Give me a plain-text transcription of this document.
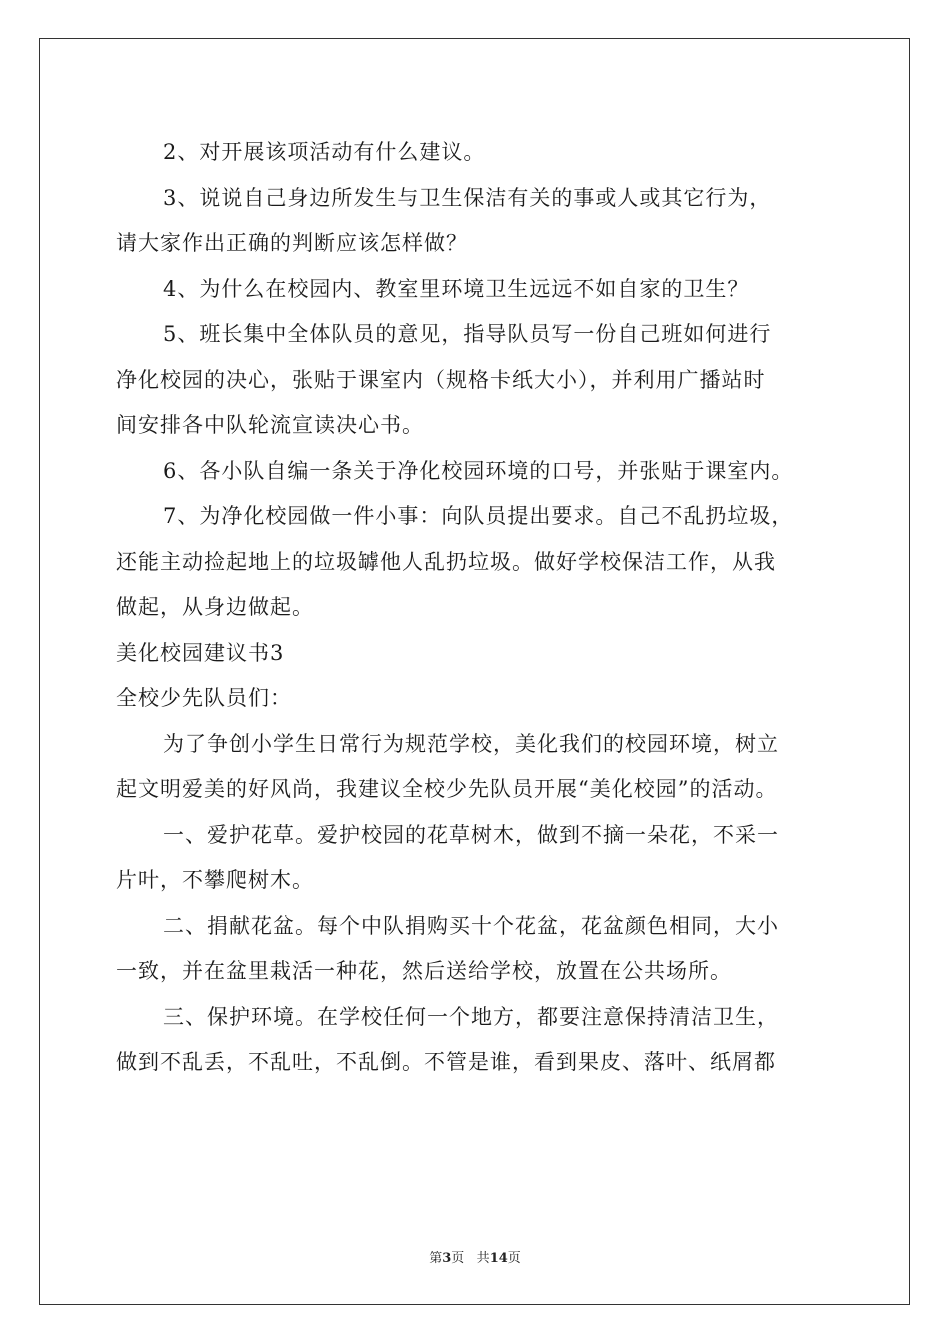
2、对开展该项活动有什么建议。
3、说说自己身边所发生与卫生保洁有关的事或人或其它行为，
请大家作出正确的判断应该怎样做？
4、为什么在校园内、教室里环境卫生远远不如自家的卫生？
5、班长集中全体队员的意见，指导队员写一份自己班如何进行
净化校园的决心，张贴于课室内（规格卡纸大小），并利用广播站时
间安排各中队轮流宣读决心书。
6、各小队自编一条关于净化校园环境的口号，并张贴于课室内。
7、为净化校园做一件小事：向队员提出要求。自己不乱扔垃圾，
还能主动捡起地上的垃圾罅他人乱扔垃圾。做好学校保洁工作，从我
做起，从身边做起。
美化校园建议书3
全校少先队员们：
为了争创小学生日常行为规范学校，美化我们的校园环境，树立
起文明爱美的好风尚，我建议全校少先队员开展“美化校园”的活动。
一、爱护花草。爱护校园的花草树木，做到不摘一朵花，不采一
片叶，不攀爬树木。
二、捐献花盆。每个中队捐购买十个花盆，花盆颜色相同，大小
一致，并在盆里栽活一种花，然后送给学校，放置在公共场所。
三、保护环境。在学校任何一个地方，都要注意保持清洁卫生，
做到不乱丢，不乱吐，不乱倒。不管是谁，看到果皮、落叶、纸屑都
第3页 共14页
